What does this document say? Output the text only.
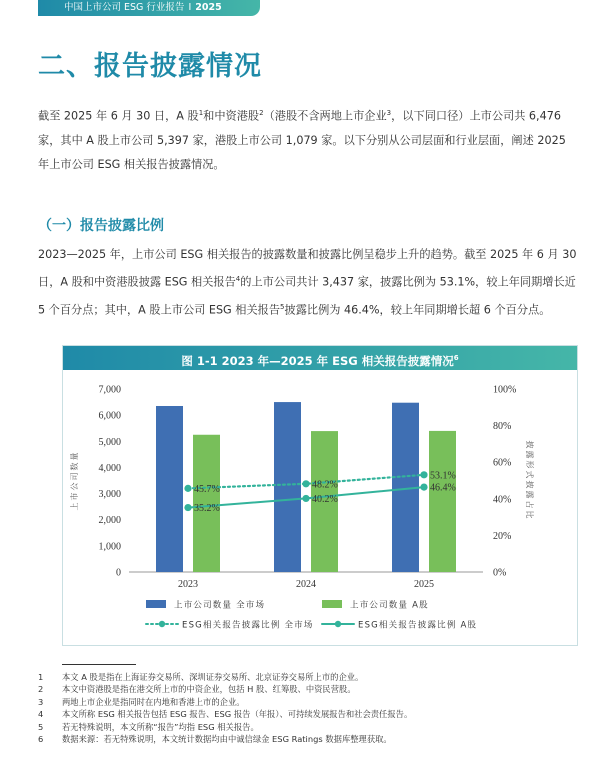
中国上市公司 ESG 行业报告 I 2025
二、报告披露情况

截至 2025 年 6 月 30 日，A 股$^1$和中资港股$^2$（港股不含两地上市企业$^3$，以下同口径）上市公司共 6,476 家，其中 A 股上市公司 5,397 家，港股上市公司 1,079 家。以下分别从公司层面和行业层面，阐述 2025 年上市公司 ESG 相关报告披露情况。

（一）报告披露比例

2023—2025 年，上市公司 ESG 相关报告的披露数量和披露比例呈稳步上升的趋势。截至 2025 年 6 月 30 日，A 股和中资港股披露 ESG 相关报告$^4$的上市公司共计 3,437 家，披露比例为 53.1%，较上年同期增长近 5 个百分点；其中，A 股上市公司 ESG 相关报告$^5$披露比例为 46.4%，较上年同期增长超 6 个百分点。

图 1-1 2023 年—2025 年 ESG 相关报告披露情况$^6$
0
1,000
2,000
3,000
4,000
5,000
6,000
7,000
0%
20%
40%
60%
80%
100%
上市公司数量	披露形式披露占比
2023	2024	2025
45.7%	48.2%
53.1%
35.2%
40.2%
46.4%
上市公司数量 全市场	上市公司数量 A股
ESG相关报告披露比例 全市场	ESG相关报告披露比例 A股
1 本文 A 股是指在上海证券交易所、深圳证券交易所、北京证券交易所上市的企业。
2 本文中资港股是指在港交所上市的中资企业，包括 H 股、红筹股、中资民营股。
3 两地上市企业是指同时在内地和香港上市的企业。
4 本文所称 ESG 相关报告包括 ESG 报告、ESG 报告（年报）、可持续发展报告和社会责任报告。
5 若无特殊说明，本文所称“报告”均指 ESG 相关报告。
6 数据来源：若无特殊说明，本文统计数据均由中诚信绿金 ESG Ratings 数据库整理获取。
